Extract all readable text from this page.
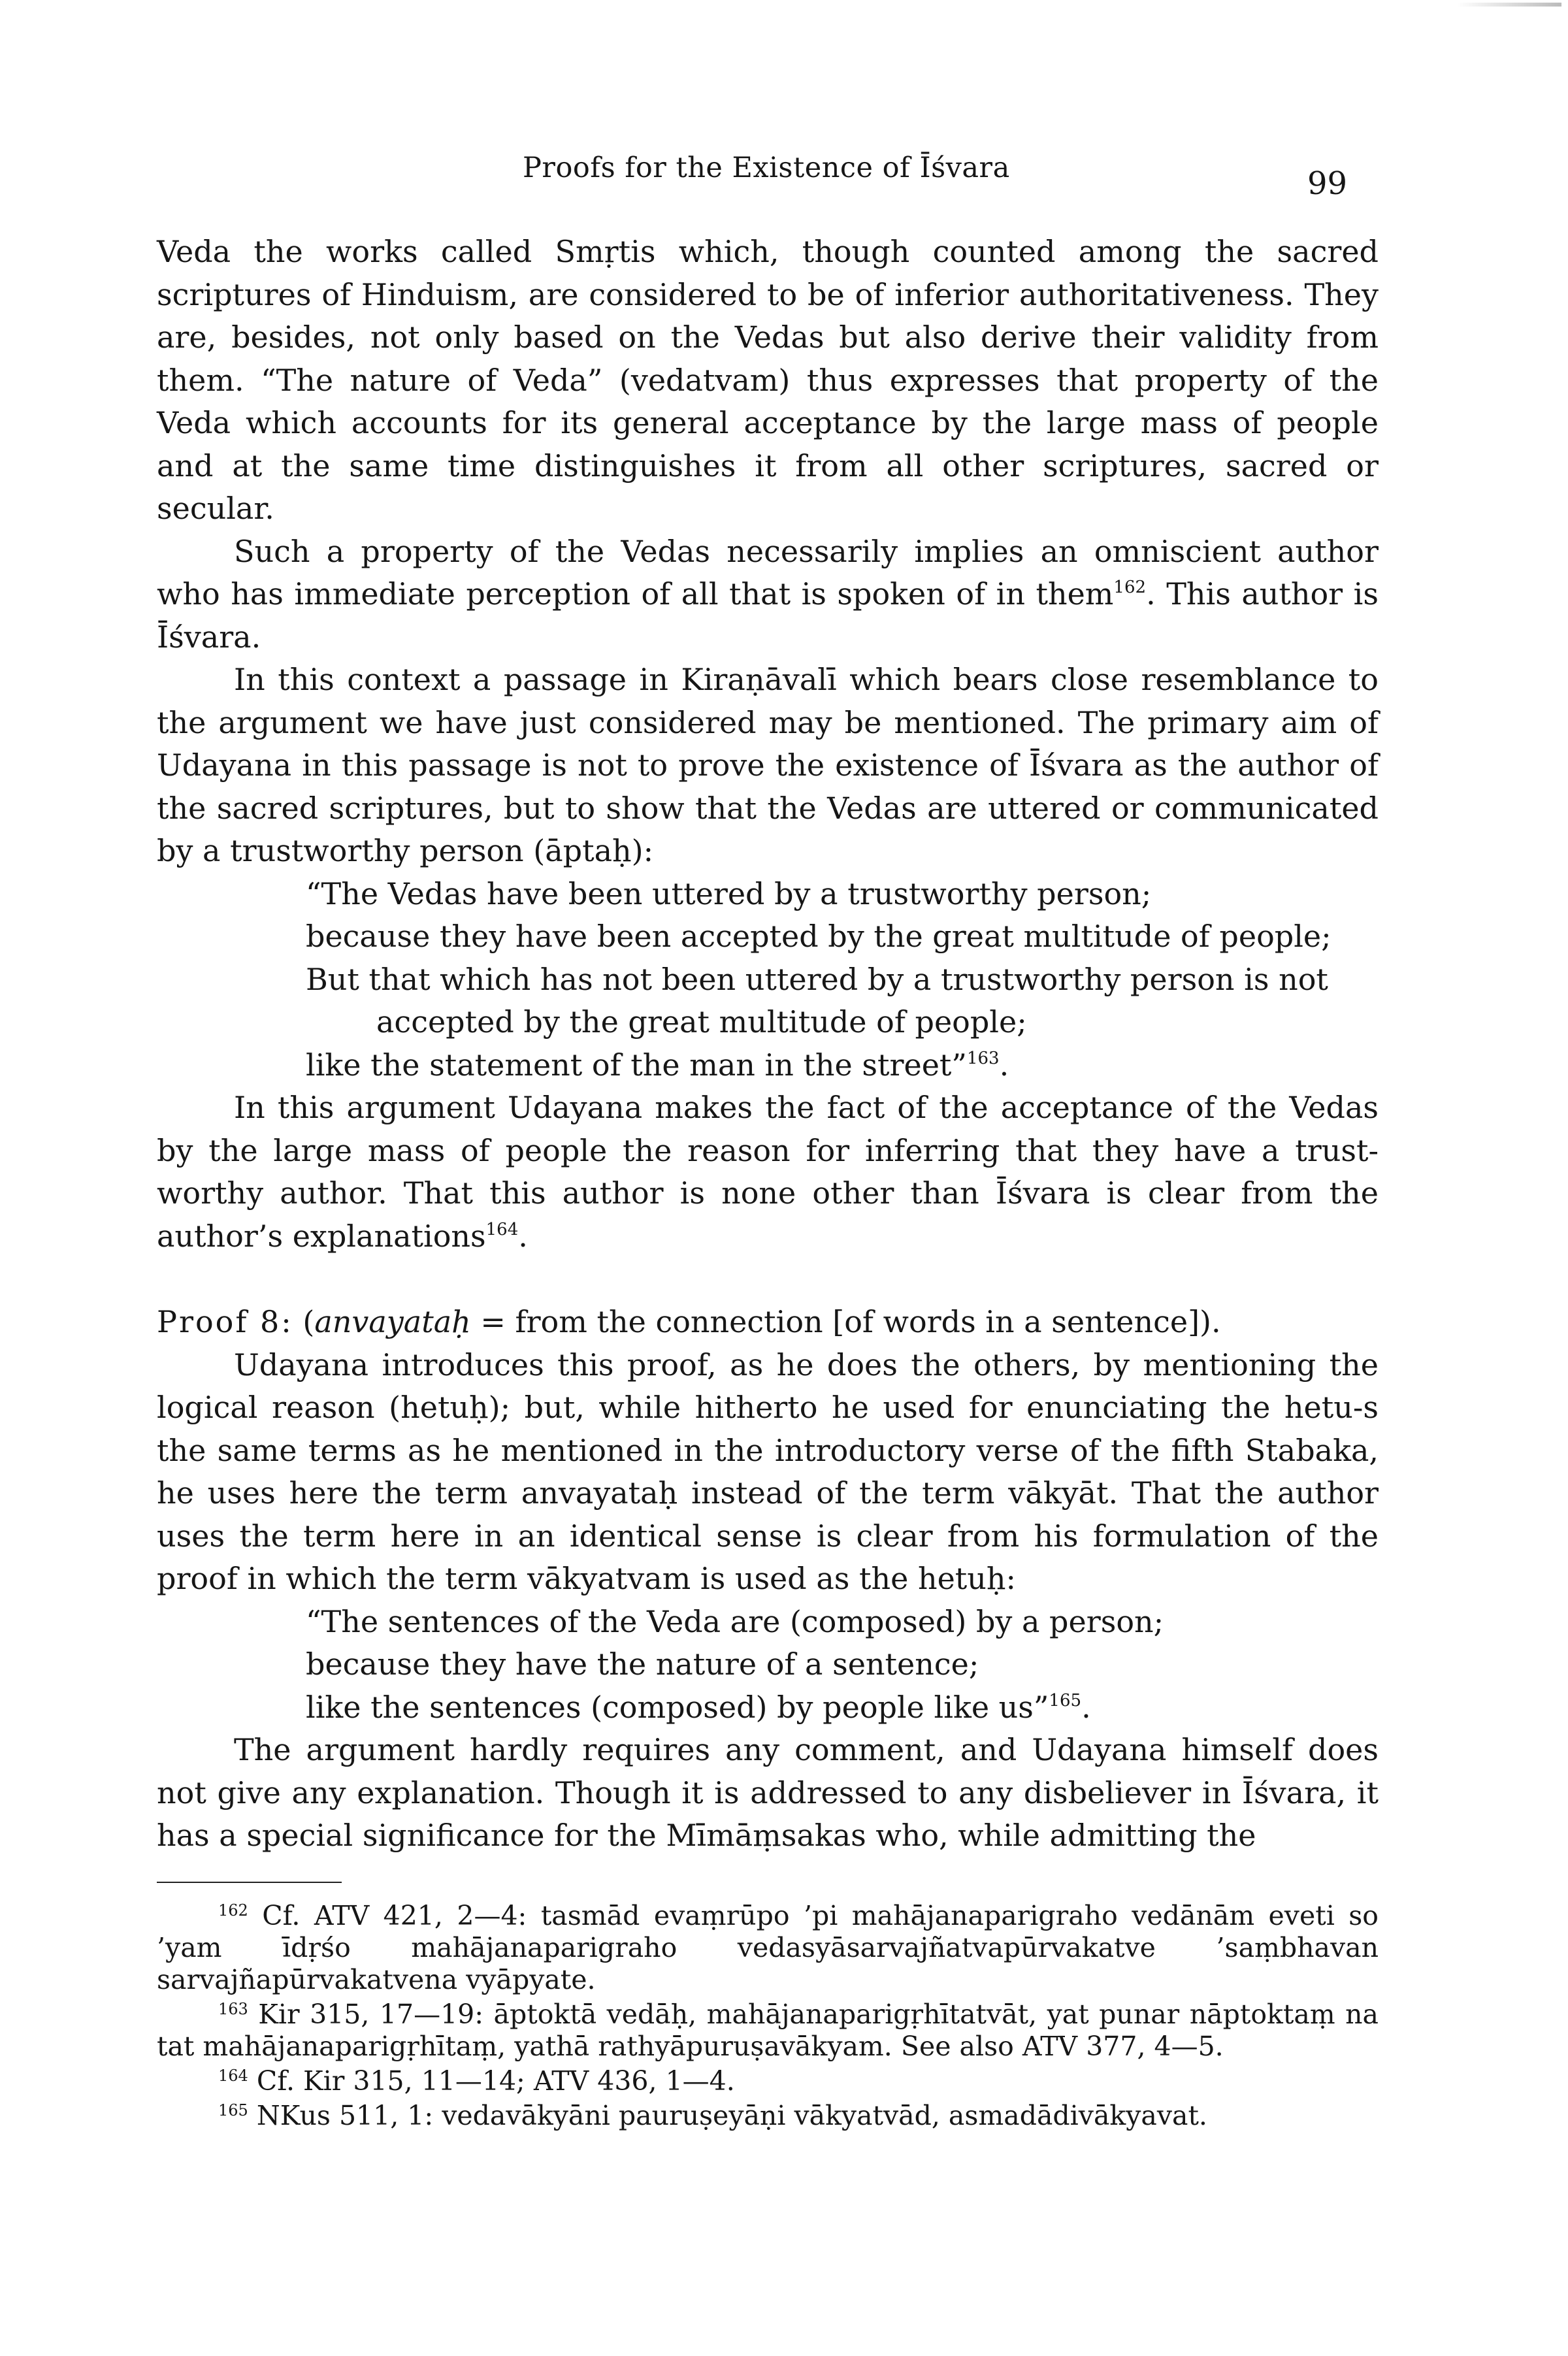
Proofs for the Existence of Īśvara	99

Veda the works called Smṛtis which, though counted among the sacred scriptures of Hinduism, are considered to be of inferior authoritativeness. They are, besides, not only based on the Vedas but also derive their validity from them. “The nature of Veda” (vedatvam) thus expresses that property of the Veda which accounts for its general acceptance by the large mass of people and at the same time distinguishes it from all other scriptures, sacred or secular.

Such a property of the Vedas necessarily implies an omniscient author who has immediate perception of all that is spoken of in them$^{162}$. This author is Īśvara.

In this context a passage in Kiraṇāvalī which bears close resemblance to the argument we have just considered may be mentioned. The primary aim of Udayana in this passage is not to prove the existence of Īśvara as the author of the sacred scriptures, but to show that the Vedas are uttered or communicated by a trustworthy person (āptaḥ):

“The Vedas have been uttered by a trustworthy person;
because they have been accepted by the great multitude of people;
But that which has not been uttered by a trustworthy person is not
accepted by the great multitude of people;
like the statement of the man in the street”$^{163}$.

In this argument Udayana makes the fact of the acceptance of the Vedas by the large mass of people the reason for inferring that they have a trustworthy author. That this author is none other than Īśvara is clear from the author’s explanations$^{164}$.

Proof 8: (anvayataḥ = from the connection [of words in a sentence]).

Udayana introduces this proof, as he does the others, by mentioning the logical reason (hetuḥ); but, while hitherto he used for enunciating the hetu-s the same terms as he mentioned in the introductory verse of the fifth Stabaka, he uses here the term anvayataḥ instead of the term vākyāt. That the author uses the term here in an identical sense is clear from his formulation of the proof in which the term vākyatvam is used as the hetuḥ:

“The sentences of the Veda are (composed) by a person;
because they have the nature of a sentence;
like the sentences (composed) by people like us”$^{165}$.

The argument hardly requires any comment, and Udayana himself does not give any explanation. Though it is addressed to any disbeliever in Īśvara, it has a special significance for the Mīmāṃsakas who, while admitting the

$^{162}$ Cf. ATV 421, 2—4: tasmād evaṃrūpo ’pi mahājanaparigraho vedānām eveti so ’yam īdṛśo mahājanaparigraho vedasyāsarvajñatvapūrvakatve ’saṃbhavan sarvajñapūrvakatvena vyāpyate.

$^{163}$ Kir 315, 17—19: āptoktā vedāḥ, mahājanaparigṛhītatvāt, yat punar nāptoktaṃ na tat mahājanaparigṛhītaṃ, yathā rathyāpuruṣavākyam. See also ATV 377, 4—5.

$^{164}$ Cf. Kir 315, 11—14; ATV 436, 1—4.

$^{165}$ NKus 511, 1: vedavākyāni pauruṣeyāṇi vākyatvād, asmadādivākyavat.
